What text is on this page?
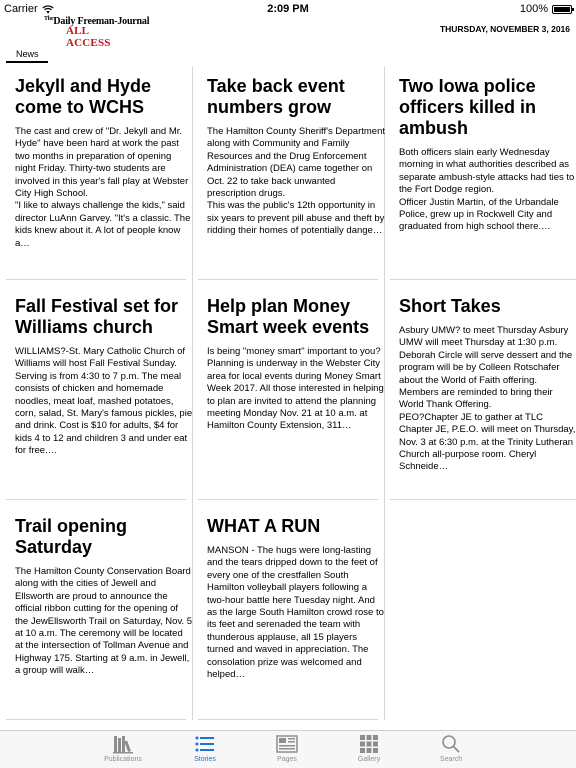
Carrier	2:09 PM	100%
$^{The}$Daily Freeman-Journal
ALL ACCESS
THURSDAY, NOVEMBER 3, 2016
News
Jekyll and Hyde come to WCHS
The cast and crew of "Dr. Jekyll and Mr. Hyde" have been hard at work the past two months in preparation of opening night Friday. Thirty-two students are involved in this year's fall play at Webster City High School.
"I like to always challenge the kids," said director LuAnn Garvey. "It's a classic. The kids knew about it. A lot of people know a…
Take back event numbers grow
The Hamilton County Sheriff's Department along with Community and Family Resources and the Drug Enforcement Administration (DEA) came together on Oct. 22 to take back unwanted prescription drugs.
This was the public's 12th opportunity in six years to prevent pill abuse and theft by ridding their homes of potentially dange…
Two Iowa police officers killed in ambush
Both officers slain early Wednesday morning in what authorities described as separate ambush-style attacks had ties to the Fort Dodge region.
Officer Justin Martin, of the Urbandale Police, grew up in Rockwell City and graduated from high school there.…
Fall Festival set for Williams church
WILLIAMS?-St. Mary Catholic Church of Williams will host Fall Festival Sunday. Serving is from 4:30 to 7 p.m. The meal consists of chicken and homemade noodles, meat loaf, mashed potatoes, corn, salad, St. Mary's famous pickles, pie and drink. Cost is $10 for adults, $4 for kids 4 to 12 and children 3 and under eat for free.…
Help plan Money Smart week events
Is being "money smart" important to you? Planning is underway in the Webster City area for local events during Money Smart Week 2017. All those interested in helping to plan are invited to attend the planning meeting Monday Nov. 21 at 10 a.m. at Hamilton County Extension, 311…
Short Takes
Asbury UMW? to meet Thursday Asbury UMW will meet Thursday at 1:30 p.m. Deborah Circle will serve dessert and the program will be by Colleen Rotschafer about the World of Faith offering. Members are reminded to bring their World Thank Offering.
PEO?Chapter JE to gather at TLC Chapter JE, P.E.O. will meet on Thursday, Nov. 3 at 6:30 p.m. at the Trinity Lutheran Church all-purpose room. Cheryl Schneide…
Trail opening Saturday
The Hamilton County Conservation Board along with the cities of Jewell and Ellsworth are proud to announce the official ribbon cutting for the opening of the JewEllsworth Trail on Saturday, Nov. 5 at 10 a.m. The ceremony will be located at the intersection of Tollman Avenue and Highway 175. Starting at 9 a.m. in Jewell, a group will walk…
WHAT A RUN
MANSON - The hugs were long-lasting and the tears dripped down to the feet of every one of the crestfallen South Hamilton volleyball players following a two-hour battle here Tuesday night. And as the large South Hamilton crowd rose to its feet and serenaded the team with thunderous applause, all 15 players turned and waved in appreciation. The consolation prize was welcomed and helped…
Publications	Stories	Pages	Gallery	Search
